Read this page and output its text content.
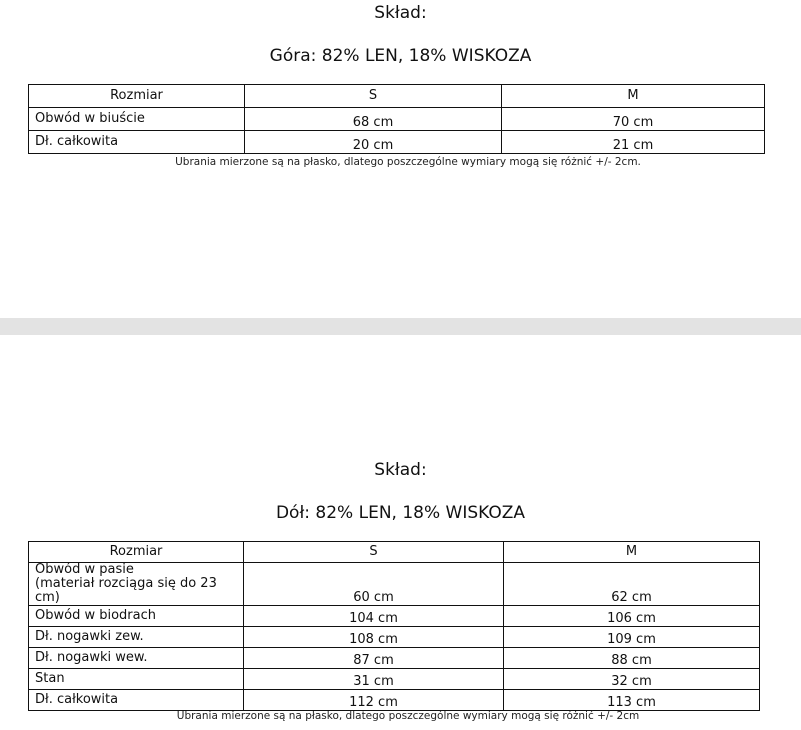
Skład:
Góra: 82% LEN, 18% WISKOZA
Rozmiar	S	M
Obwód w biuście	68 cm	70 cm
Dł. całkowita	20 cm	21 cm
Ubrania mierzone są na płasko, dlatego poszczególne wymiary mogą się różnić +/- 2cm.
Skład:
Dół: 82% LEN, 18% WISKOZA
Rozmiar	S	M

Obwód w pasie
(materiał rozciąga się do 23 cm)	60 cm	62 cm
Obwód w biodrach	104 cm	106 cm
Dł. nogawki zew.	108 cm	109 cm
Dł. nogawki wew.	87 cm	88 cm
Stan	31 cm	32 cm
Dł. całkowita	112 cm	113 cm
Ubrania mierzone są na płasko, dlatego poszczególne wymiary mogą się różnić +/- 2cm
